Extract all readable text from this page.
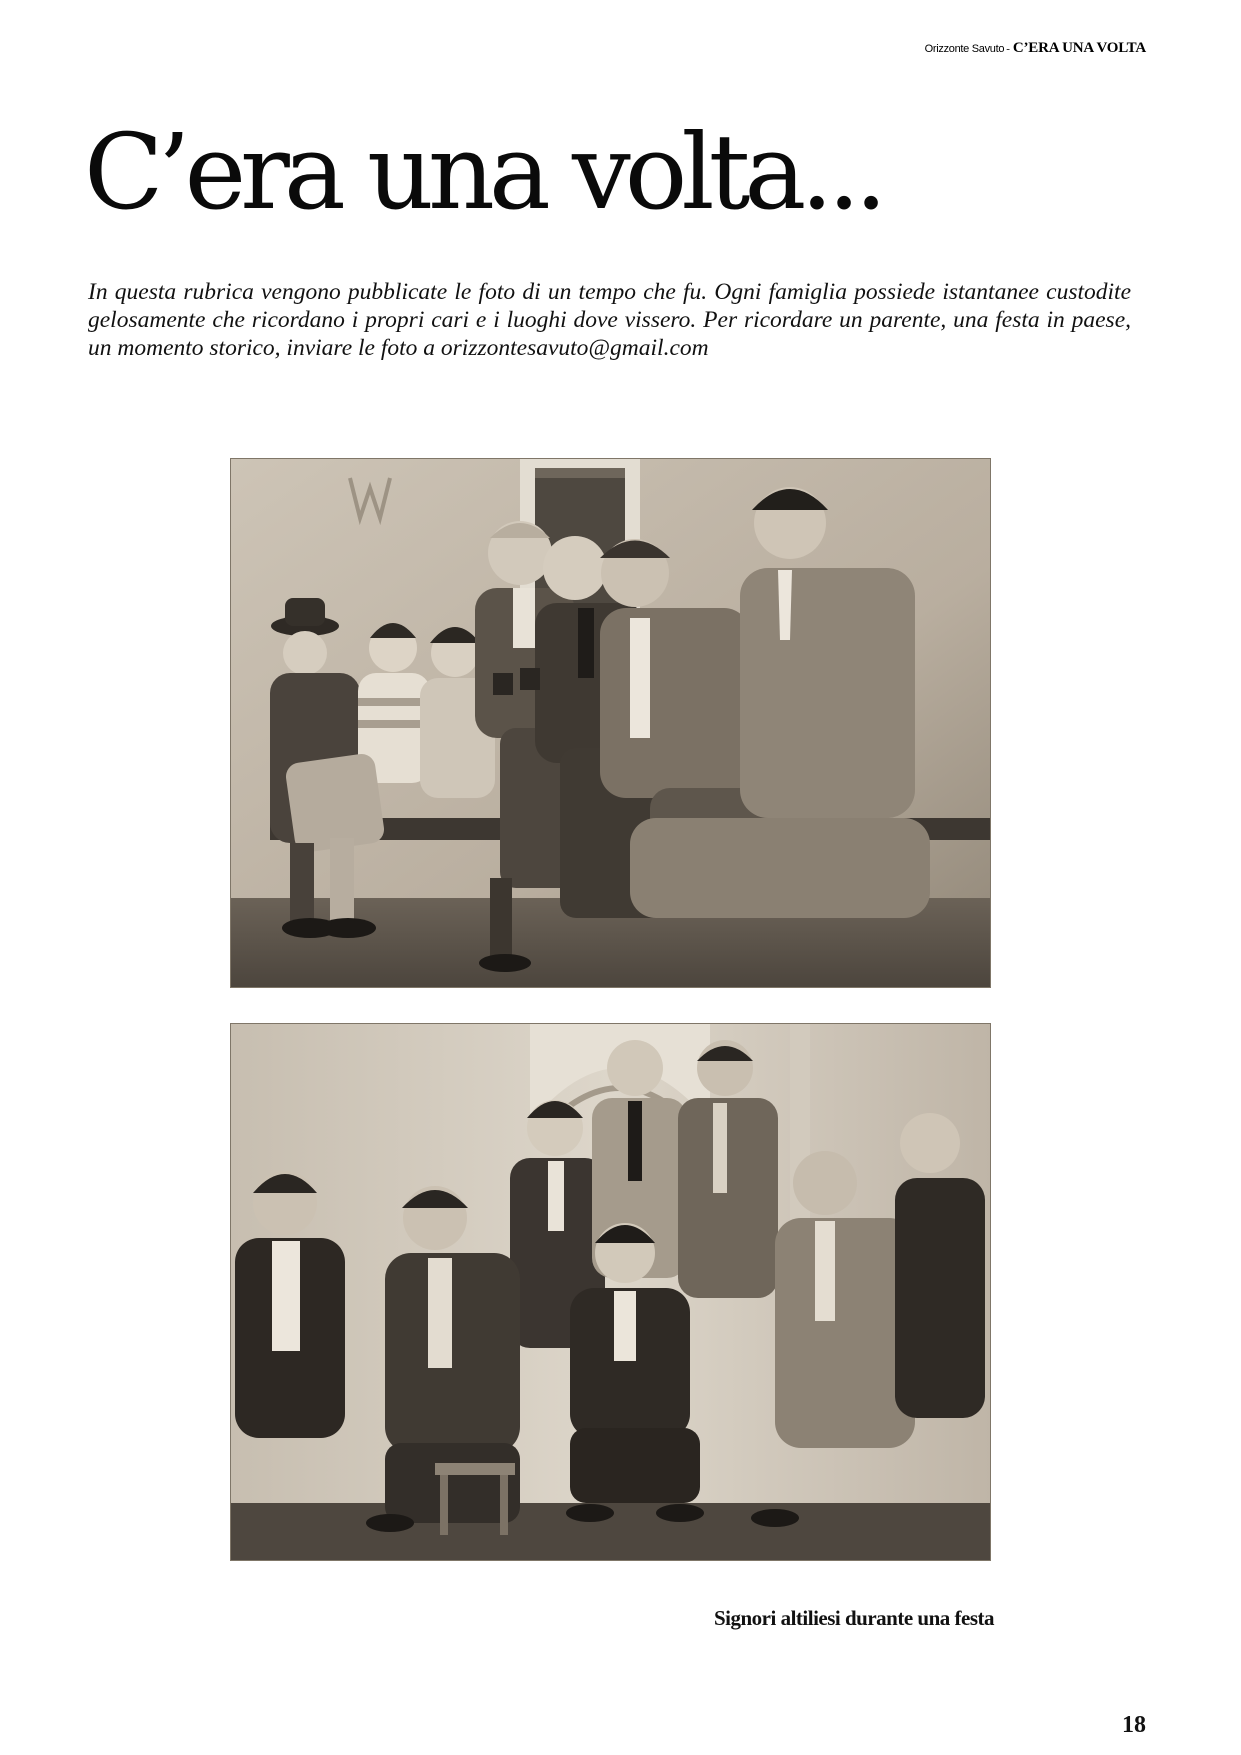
Orizzonte Savuto - C’ERA UNA VOLTA
C’era una volta...

In questa rubrica vengono pubblicate le foto di un tempo che fu. Ogni famiglia possiede istantanee custodite gelosamente che ricordano i propri cari e i luoghi dove vissero. Per ricordare un parente, una festa in paese, un momento storico, inviare le foto a orizzontesavuto@gmail.com

Signori altiliesi durante una festa
18
